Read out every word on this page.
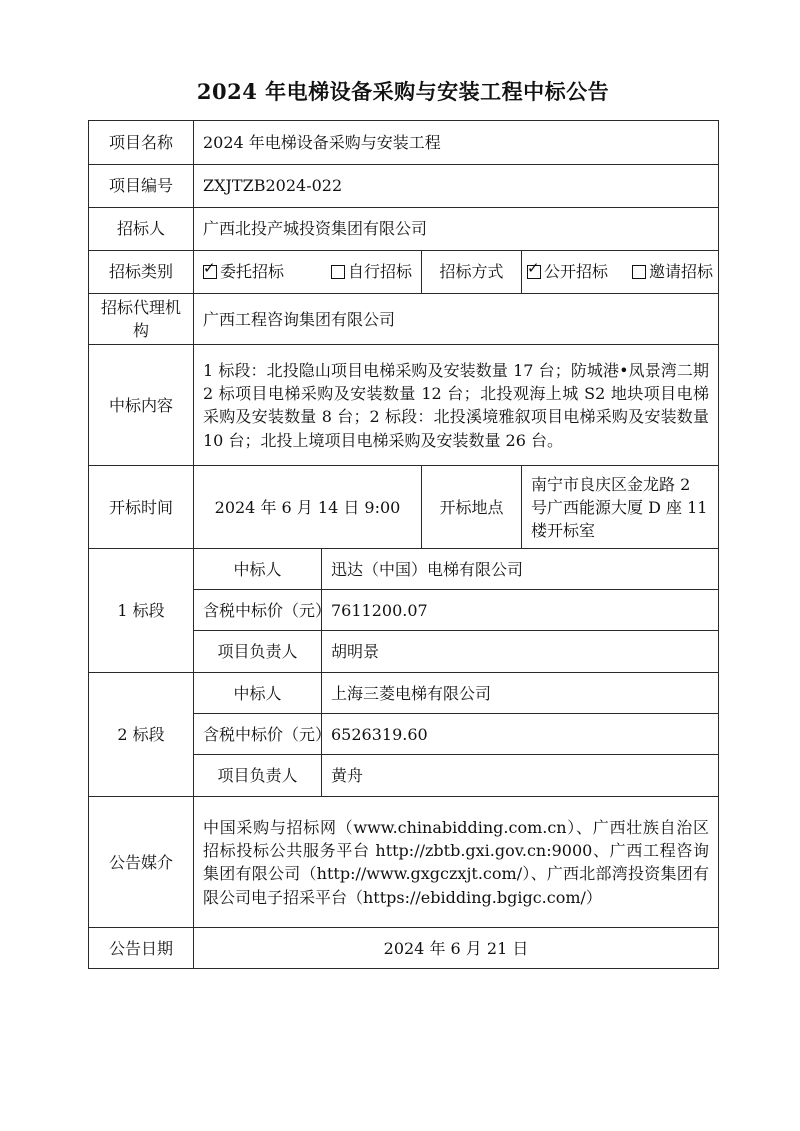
2024 年电梯设备采购与安装工程中标公告
项目名称	2024 年电梯设备采购与安装工程			
项目编号	ZXJTZB2024-022			
招标人	广西北投产城投资集团有限公司			
招标类别	✓ 委托招标 自行招标		招标方式	✓ 公开招标 邀请招标

招标代理机构	广西工程咨询集团有限公司			
中标内容	1 标段：北投隐山项目电梯采购及安装数量 17 台；防城港•凤景湾二期 2 标项目电梯采购及安装数量 12 台；北投观海上城 S2 地块项目电梯采购及安装数量 8 台；2 标段：北投溪境雅叙项目电梯采购及安装数量 10 台；北投上境项目电梯采购及安装数量 26 台。			
开标时间	2024 年 6 月 14 日 9:00		开标地点	南宁市良庆区金龙路 2 号广西能源大厦 D 座 11 楼开标室
1 标段	中标人	迅达（中国）电梯有限公司		
	含税中标价（元）	7611200.07		
	项目负责人	胡明景		
2 标段	中标人	上海三菱电梯有限公司		
	含税中标价（元）	6526319.60		
	项目负责人	黄舟		
公告媒介	中国采购与招标网（www.chinabidding.com.cn）、广西壮族自治区招标投标公共服务平台 http://zbtb.gxi.gov.cn:9000、广西工程咨询集团有限公司（http://www.gxgczxjt.com/）、广西北部湾投资集团有限公司电子招采平台（https://ebidding.bgigc.com/）			
公告日期	2024 年 6 月 21 日			
